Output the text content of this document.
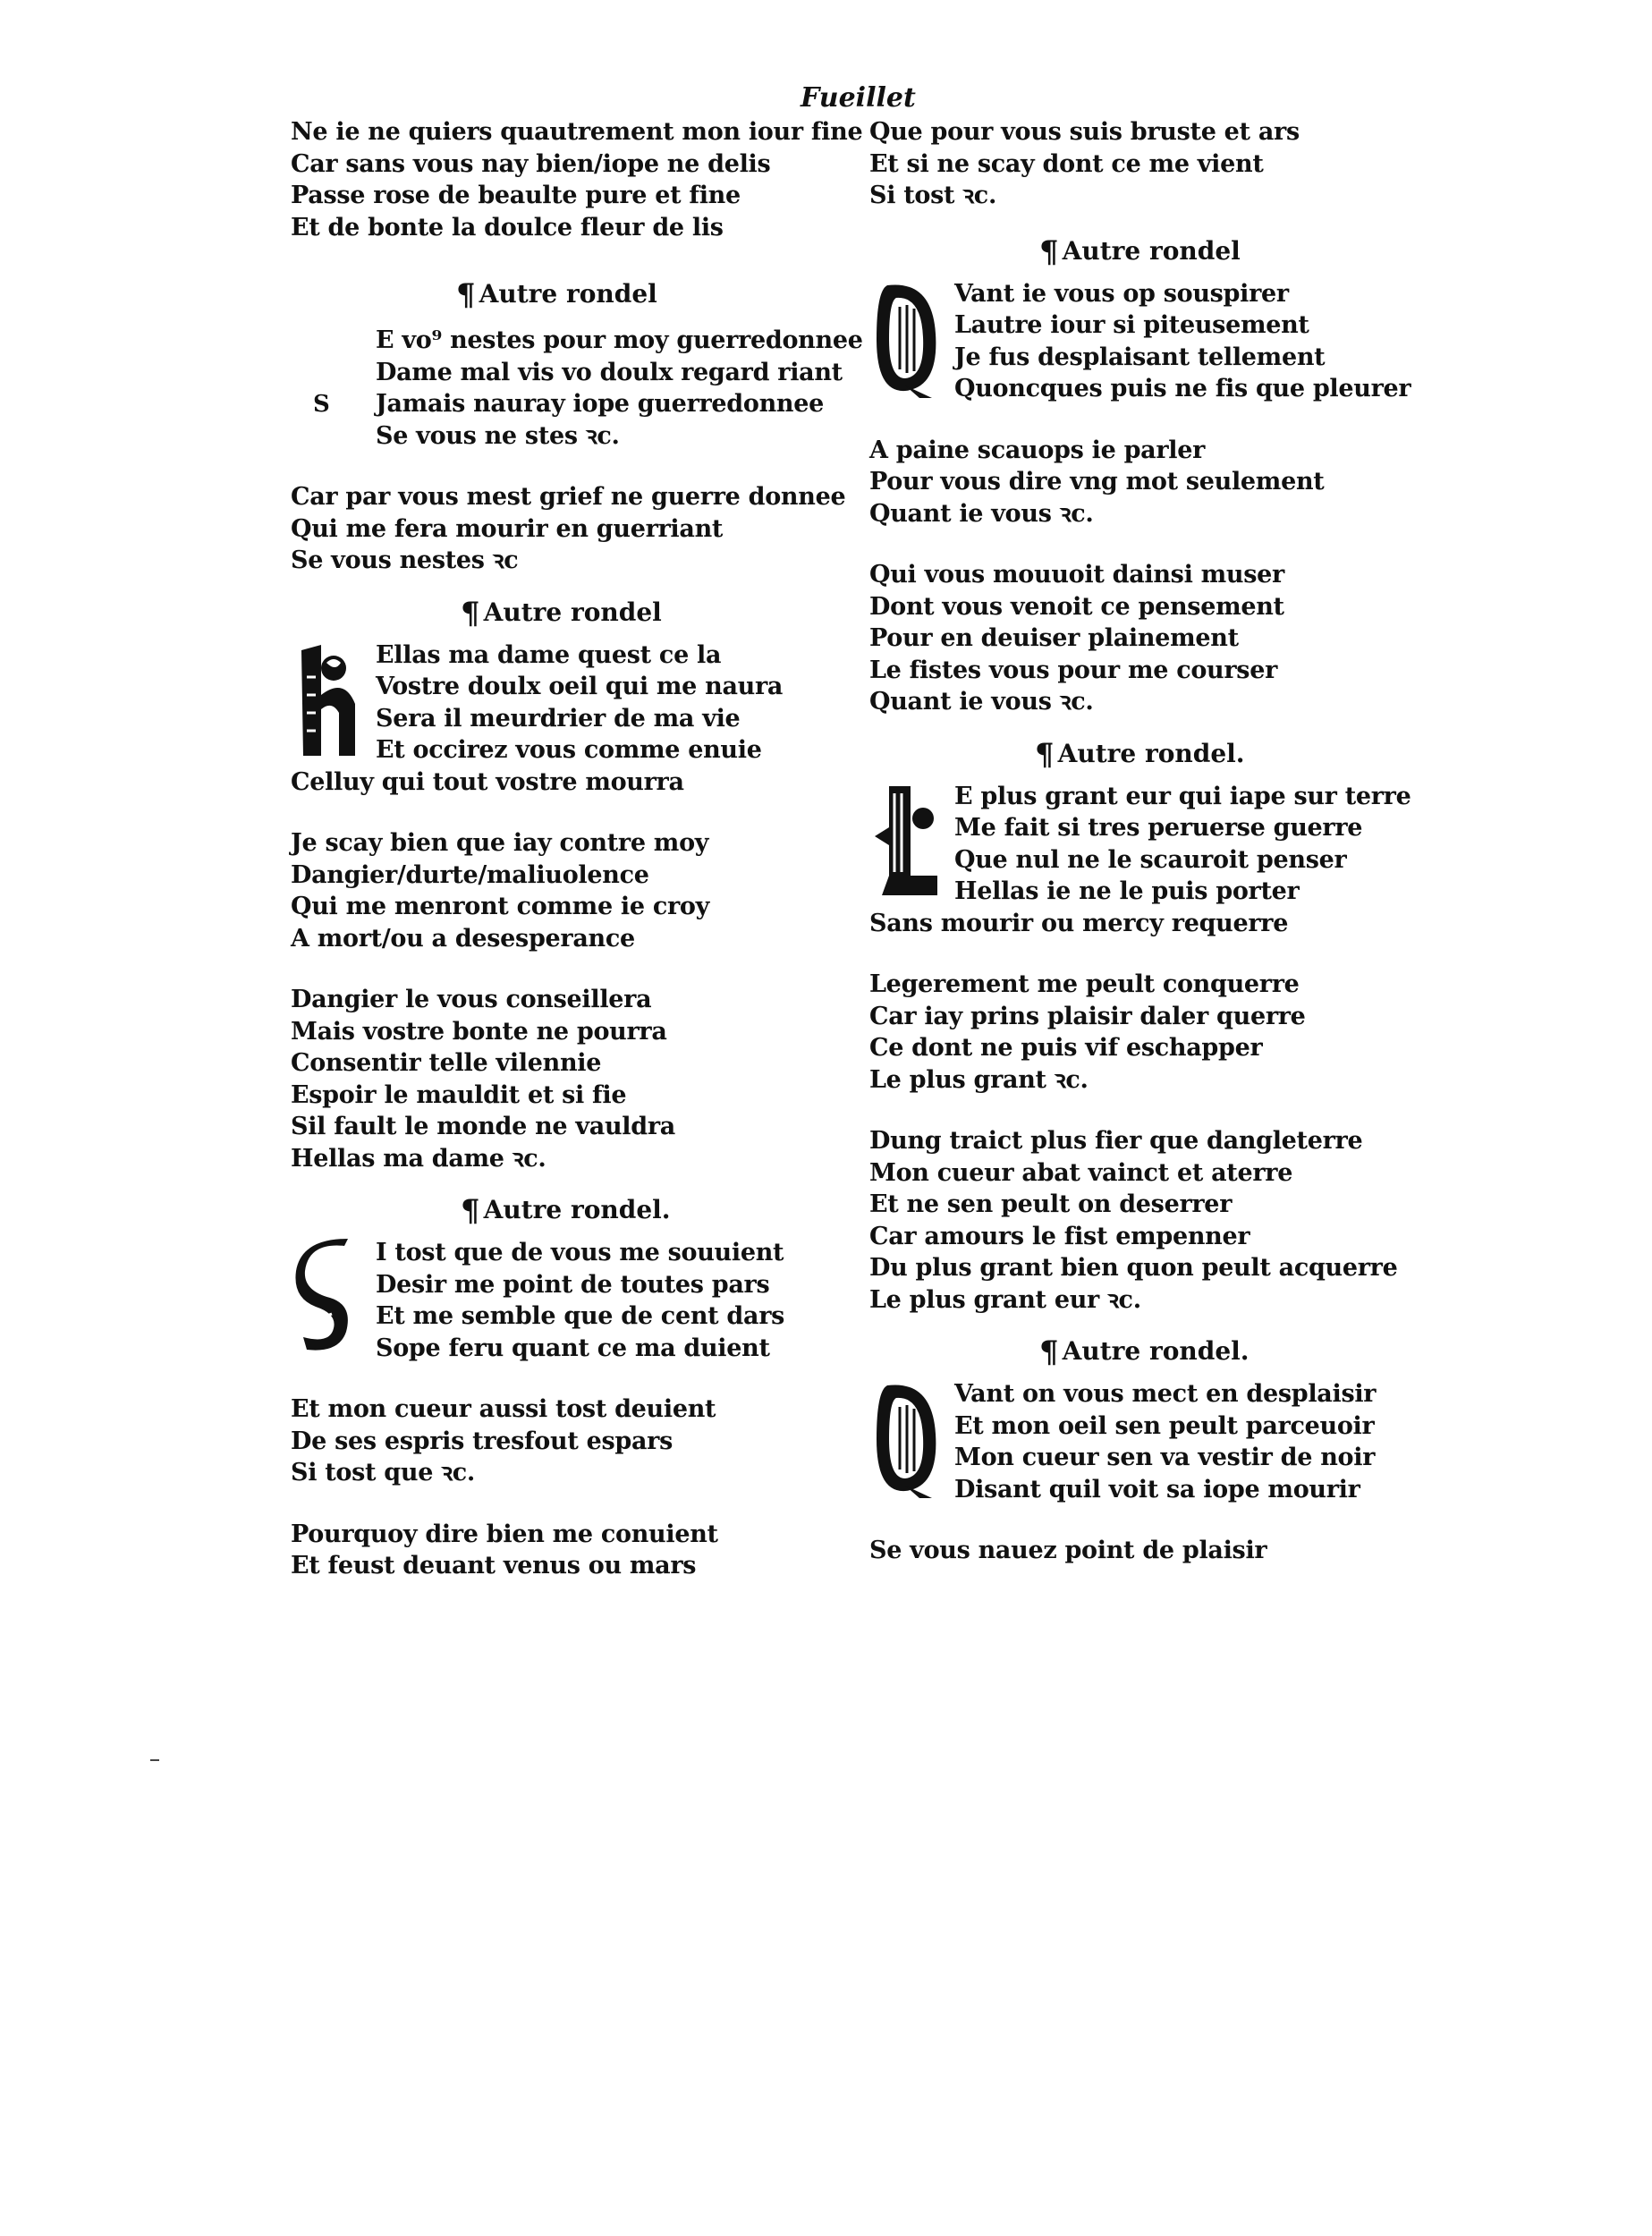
Fueillet
Ne ie ne quiers quautrement mon iour fine
Car sans vous nay bien/iope ne delis
Passe rose de beaulte pure et fine
Et de bonte la doulce fleur de lis
¶ Autre rondel
S
E vo⁹ nestes pour moy guerredonnee
Dame mal vis vo doulx regard riant
Jamais nauray iope guerredonnee
Se vous ne stes ꝛc.
Car par vous mest grief ne guerre donnee
Qui me fera mourir en guerriant
Se vous nestes ꝛc
¶ Autre rondel
Ellas ma dame quest ce la
Vostre doulx oeil qui me naura
Sera il meurdrier de ma vie
Et occirez vous comme enuie
Celluy qui tout vostre mourra
Je scay bien que iay contre moy
Dangier/durte/maliuolence
Qui me menront comme ie croy
A mort/ou a desesperance
Dangier le vous conseillera
Mais vostre bonte ne pourra
Consentir telle vilennie
Espoir le mauldit et si fie
Sil fault le monde ne vauldra
Hellas ma dame ꝛc.
¶ Autre rondel.
I tost que de vous me souuient
Desir me point de toutes pars
Et me semble que de cent dars
Sope feru quant ce ma duient
Et mon cueur aussi tost deuient
De ses espris tresfout espars
Si tost que ꝛc.
Pourquoy dire bien me conuient
Et feust deuant venus ou mars
Que pour vous suis bruste et ars
Et si ne scay dont ce me vient
Si tost ꝛc.
¶ Autre rondel
Vant ie vous op souspirer
Lautre iour si piteusement
Je fus desplaisant tellement
Quoncques puis ne fis que pleurer
A paine scauops ie parler
Pour vous dire vng mot seulement
Quant ie vous ꝛc.
Qui vous mouuoit dainsi muser
Dont vous venoit ce pensement
Pour en deuiser plainement
Le fistes vous pour me courser
Quant ie vous ꝛc.
¶ Autre rondel.
E plus grant eur qui iape sur terre
Me fait si tres peruerse guerre
Que nul ne le scauroit penser
Hellas ie ne le puis porter
Sans mourir ou mercy requerre
Legerement me peult conquerre
Car iay prins plaisir daler querre
Ce dont ne puis vif eschapper
Le plus grant ꝛc.
Dung traict plus fier que dangleterre
Mon cueur abat vainct et aterre
Et ne sen peult on deserrer
Car amours le fist empenner
Du plus grant bien quon peult acquerre
Le plus grant eur ꝛc.
¶ Autre rondel.
Vant on vous mect en desplaisir
Et mon oeil sen peult parceuoir
Mon cueur sen va vestir de noir
Disant quil voit sa iope mourir
Se vous nauez point de plaisir
